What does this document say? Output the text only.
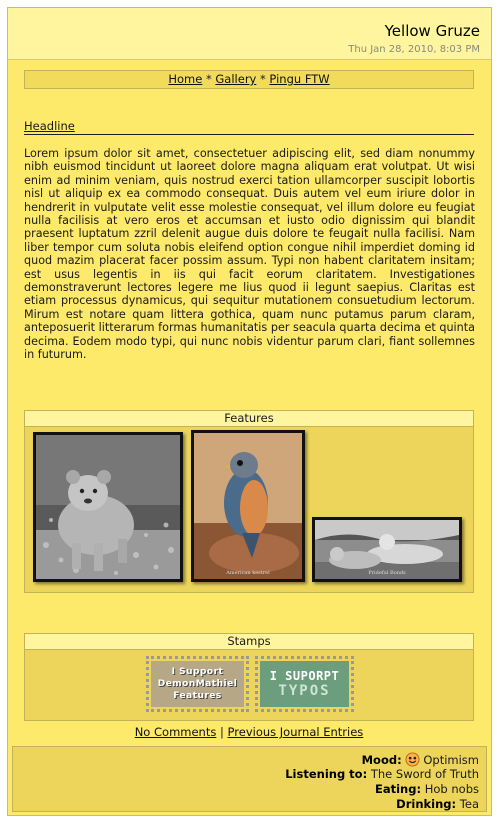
Yellow Gruze
Thu Jan 28, 2010, 8:03 PM
Home * Gallery * Pingu FTW
Headline
Lorem ipsum dolor sit amet, consectetuer adipiscing elit, sed diam nonummy nibh euismod tincidunt ut laoreet dolore magna aliquam erat volutpat. Ut wisi enim ad minim veniam, quis nostrud exerci tation ullamcorper suscipit lobortis nisl ut aliquip ex ea commodo consequat. Duis autem vel eum iriure dolor in hendrerit in vulputate velit esse molestie consequat, vel illum dolore eu feugiat nulla facilisis at vero eros et accumsan et iusto odio dignissim qui blandit praesent luptatum zzril delenit augue duis dolore te feugait nulla facilisi. Nam liber tempor cum soluta nobis eleifend option congue nihil imperdiet doming id quod mazim placerat facer possim assum. Typi non habent claritatem insitam; est usus legentis in iis qui facit eorum claritatem. Investigationes demonstraverunt lectores legere me lius quod ii legunt saepius. Claritas est etiam processus dynamicus, qui sequitur mutationem consuetudium lectorum. Mirum est notare quam littera gothica, quam nunc putamus parum claram, anteposuerit litterarum formas humanitatis per seacula quarta decima et quinta decima. Eodem modo typi, qui nunc nobis videntur parum clari, fiant sollemnes in futurum.
Features
American kestrel	Prideful Bonds
Stamps
I Support
DemonMathiel
Features
I SUPORPT
TYPOS
No Comments | Previous Journal Entries
Mood: Optimism
Listening to: The Sword of Truth
Eating: Hob nobs
Drinking: Tea
